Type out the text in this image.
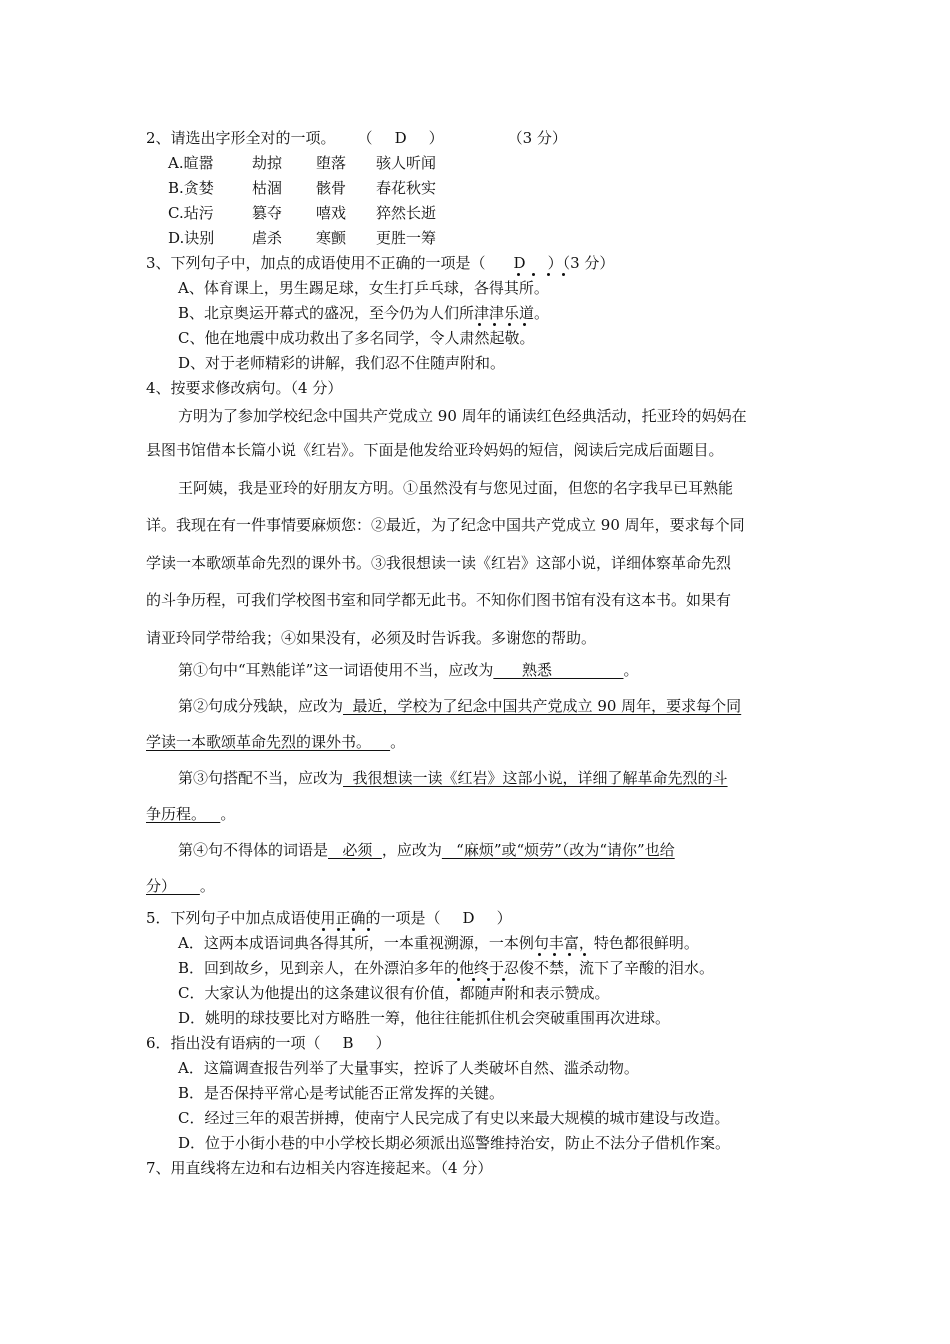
2、请选出字形全对的一项。 （ D ）	（3 分）
A.暄嚣	劫掠 堕落 骇人听闻
B.贪婪	枯涸 骸骨 春花秋实
C.玷污	篡夺 嘻戏 猝然长逝
D.诀别	虐杀 寒颤 更胜一筹
3、下列句子中，加点的成语使用不正确的一项是（ D ）（3 分）
A、体育课上，男生踢足球，女生打乒乓球，各得其所。
B、北京奥运开幕式的盛况，至今仍为人们所津津乐道。
C、他在地震中成功救出了多名同学，令人肃然起敬。
D、对于老师精彩的讲解，我们忍不住随声附和。
4、按要求修改病句。（4 分）
方明为了参加学校纪念中国共产党成立 90 周年的诵读红色经典活动，托亚玲的妈妈在
县图书馆借本长篇小说《红岩》。下面是他发给亚玲妈妈的短信，阅读后完成后面题目。
王阿姨，我是亚玲的好朋友方明。①虽然没有与您见过面，但您的名字我早已耳熟能
详。我现在有一件事情要麻烦您：②最近，为了纪念中国共产党成立 90 周年，要求每个同
学读一本歌颂革命先烈的课外书。③我很想读一读《红岩》这部小说，详细体察革命先烈
的斗争历程，可我们学校图书室和同学都无此书。不知你们图书馆有没有这本书。如果有
请亚玲同学带给我；④如果没有，必须及时告诉我。多谢您的帮助。
第①句中“耳熟能详”这一词语使用不当，应改为      熟悉               。
第②句成分残缺，应改为  最近，学校为了纪念中国共产党成立 90 周年，要求每个同
学读一本歌颂革命先烈的课外书。    。
第③句搭配不当，应改为  我很想读一读《红岩》这部小说，详细了解革命先烈的斗
争历程。   。
第④句不得体的词语是   必须  ，应改为   “麻烦”或“烦劳”（改为“请你”也给
分）     。
5．下列句子中加点成语使用正确的一项是（ D ）
A．这两本成语词典各得其所，一本重视溯源，一本例句丰富，特色都很鲜明。
B．回到故乡，见到亲人，在外漂泊多年的他终于忍俊不禁，流下了辛酸的泪水。
C．大家认为他提出的这条建议很有价值，都随声附和表示赞成。
D．姚明的球技要比对方略胜一筹，他往往能抓住机会突破重围再次进球。
6．指出没有语病的一项（ B ）
A．这篇调查报告列举了大量事实，控诉了人类破坏自然、滥杀动物。
B．是否保持平常心是考试能否正常发挥的关键。
C．经过三年的艰苦拼搏，使南宁人民完成了有史以来最大规模的城市建设与改造。
D．位于小街小巷的中小学校长期必须派出巡警维持治安，防止不法分子借机作案。
7、用直线将左边和右边相关内容连接起来。（4 分）
